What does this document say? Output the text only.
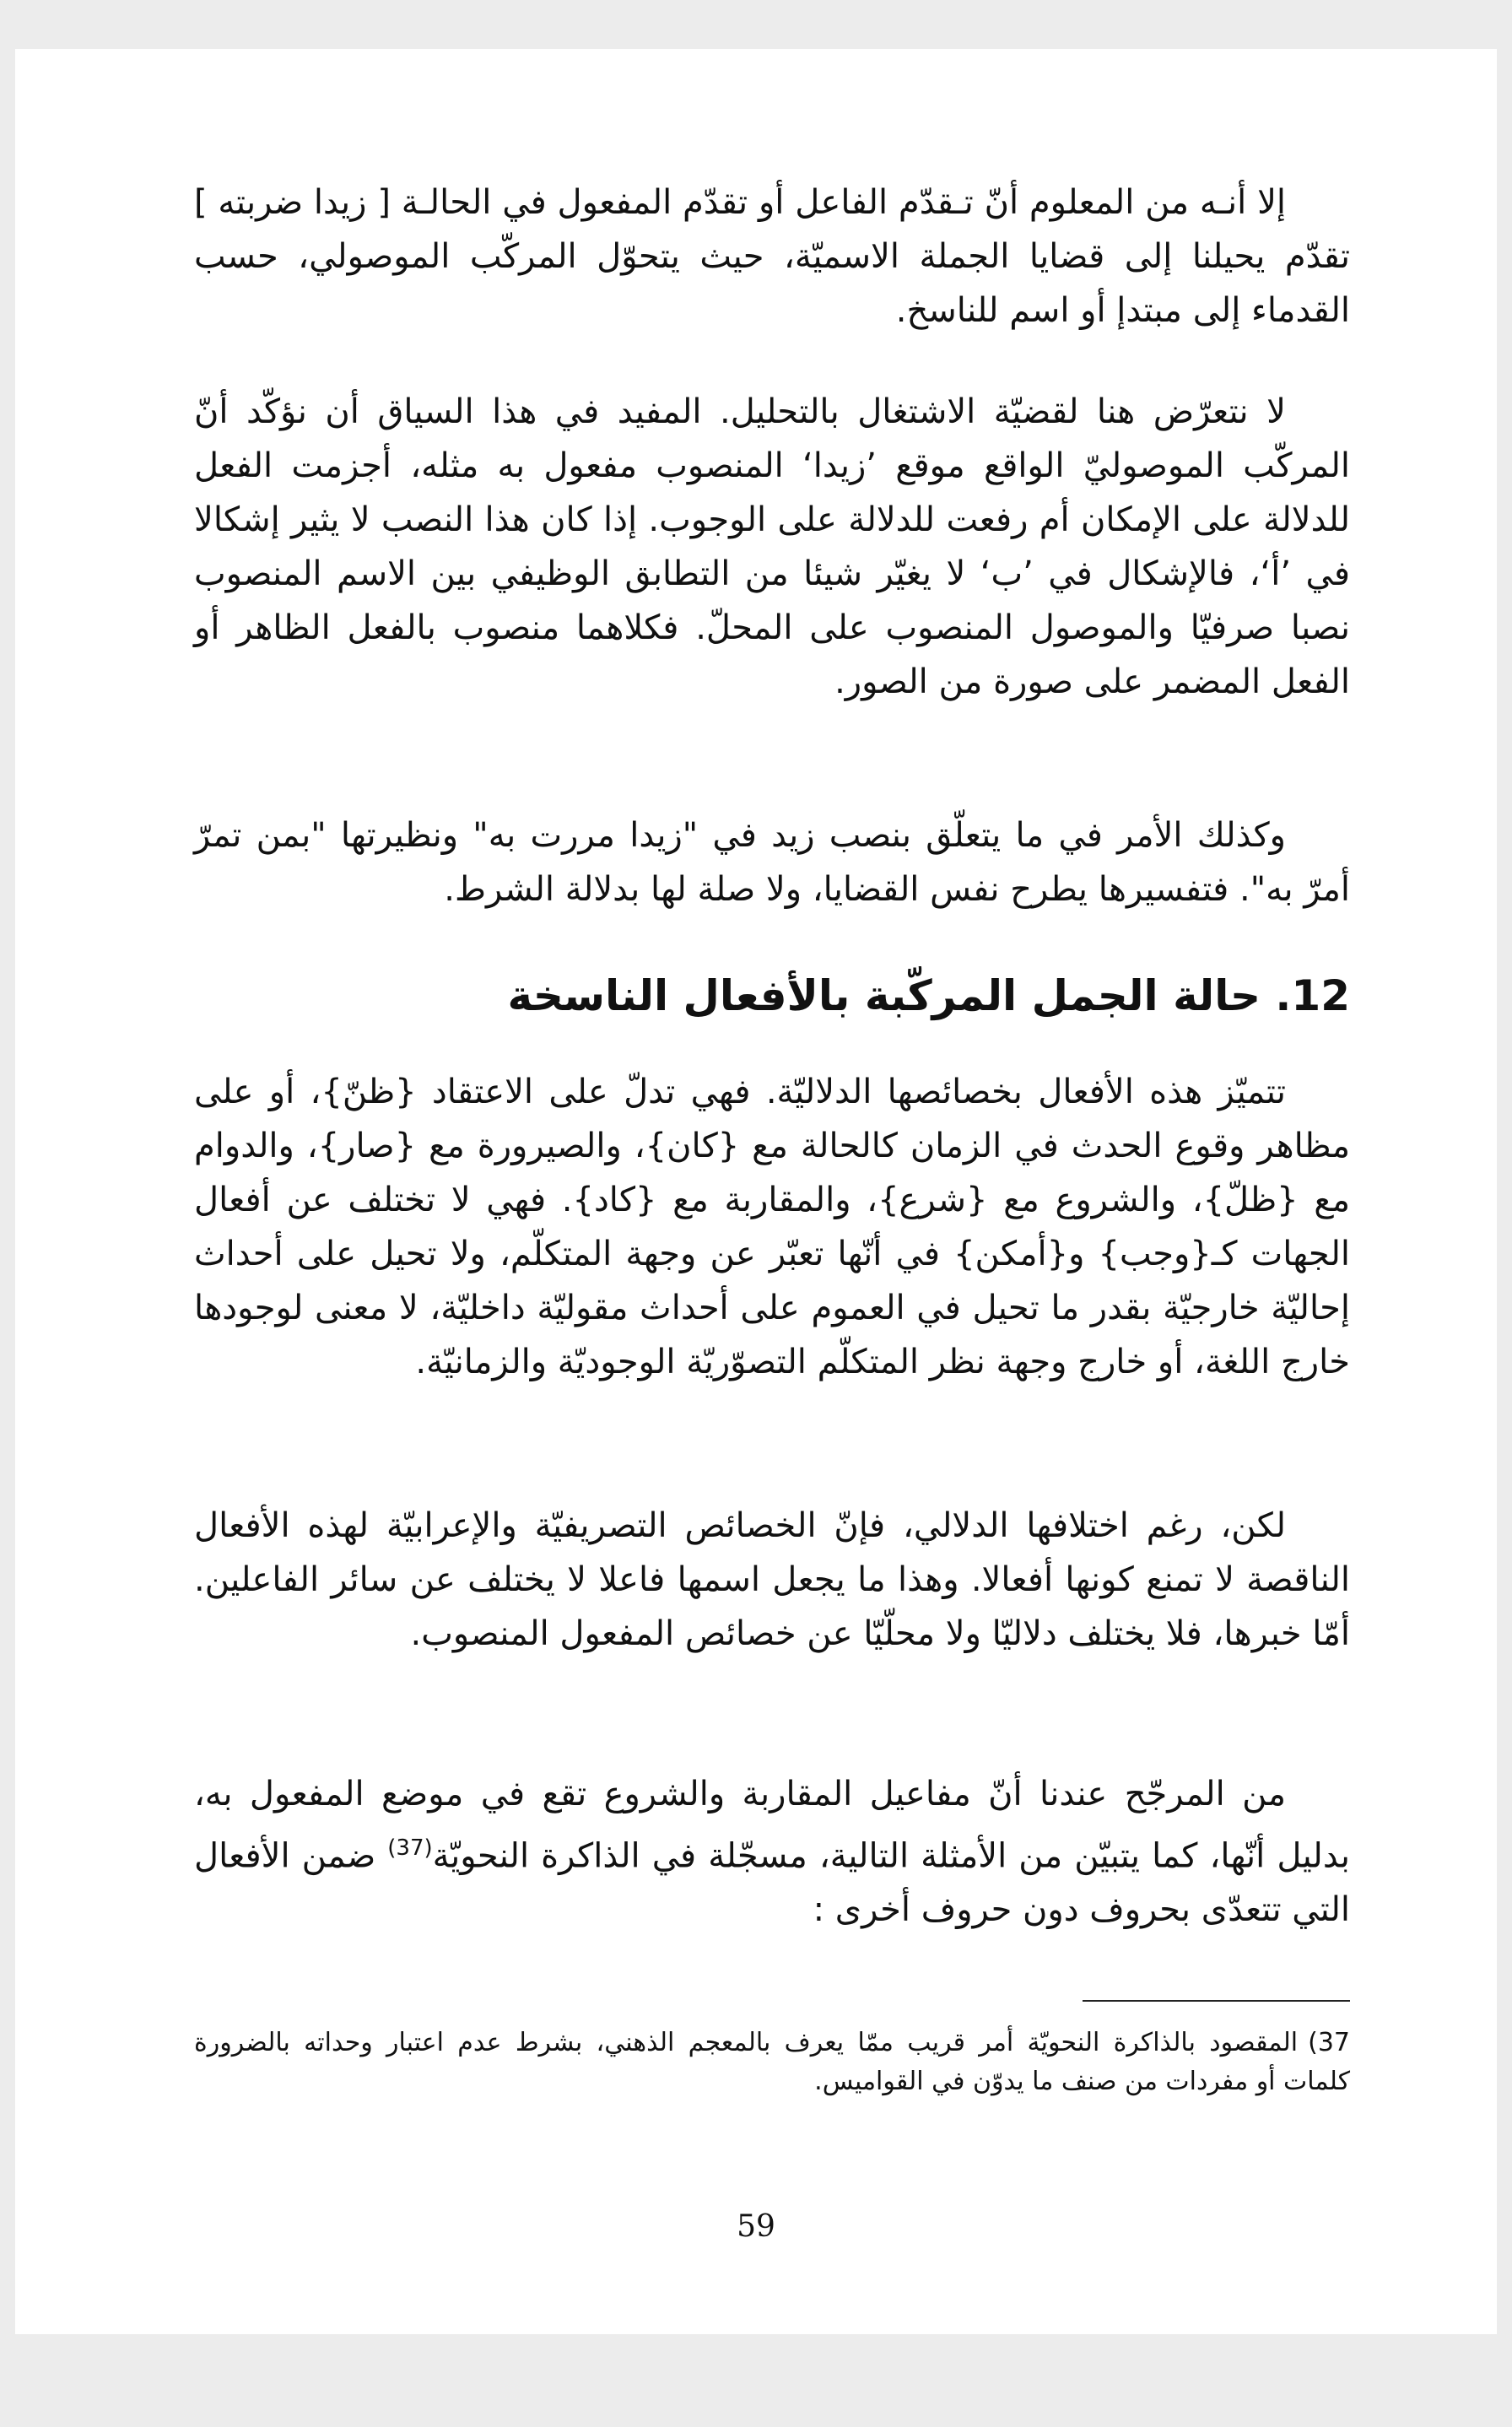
إلا أنـه من المعلوم أنّ تـقدّم الفاعل أو تقدّم المفعول في الحالـة [ زيدا ضربته ] تقدّم يحيلنا إلى قضايا الجملة الاسميّة، حيث يتحوّل المركّب الموصولي، حسب القدماء إلى مبتدإ أو اسم للناسخ.

لا نتعرّض هنا لقضيّة الاشتغال بالتحليل. المفيد في هذا السياق أن نؤكّد أنّ المركّب الموصوليّ الواقع موقع ’زيدا‘ المنصوب مفعول به مثله، أجزمت الفعل للدلالة على الإمكان أم رفعت للدلالة على الوجوب. إذا كان هذا النصب لا يثير إشكالا في ’أ‘، فالإشكال في ’ب‘ لا يغيّر شيئا من التطابق الوظيفي بين الاسم المنصوب نصبا صرفيّا والموصول المنصوب على المحلّ. فكلاهما منصوب بالفعل الظاهر أو الفعل المضمر على صورة من الصور.

وكذلك الأمر في ما يتعلّق بنصب زيد في "زيدا مررت به" ونظيرتها "بمن تمرّ أمرّ به". فتفسيرها يطرح نفس القضايا، ولا صلة لها بدلالة الشرط.

12. حالة الجمل المركّبة بالأفعال الناسخة

تتميّز هذه الأفعال بخصائصها الدلاليّة. فهي تدلّ على الاعتقاد {ظنّ}، أو على مظاهر وقوع الحدث في الزمان كالحالة مع {كان}، والصيرورة مع {صار}، والدوام مع {ظلّ}، والشروع مع {شرع}، والمقاربة مع {كاد}. فهي لا تختلف عن أفعال الجهات كـ{وجب} و{أمكن} في أنّها تعبّر عن وجهة المتكلّم، ولا تحيل على أحداث إحاليّة خارجيّة بقدر ما تحيل في العموم على أحداث مقوليّة داخليّة، لا معنى لوجودها خارج اللغة، أو خارج وجهة نظر المتكلّم التصوّريّة الوجوديّة والزمانيّة.

لكن، رغم اختلافها الدلالي، فإنّ الخصائص التصريفيّة والإعرابيّة لهذه الأفعال الناقصة لا تمنع كونها أفعالا. وهذا ما يجعل اسمها فاعلا لا يختلف عن سائر الفاعلين. أمّا خبرها، فلا يختلف دلاليّا ولا محلّيّا عن خصائص المفعول المنصوب.

من المرجّح عندنا أنّ مفاعيل المقاربة والشروع تقع في موضع المفعول به، بدليل أنّها، كما يتبيّن من الأمثلة التالية، مسجّلة في الذاكرة النحويّة$^{(37)}$ ضمن الأفعال التي تتعدّى بحروف دون حروف أخرى :

37)المقصود بالذاكرة النحويّة أمر قريب ممّا يعرف بالمعجم الذهني، بشرط عدم اعتبار وحداته بالضرورة كلمات أو مفردات من صنف ما يدوّن في القواميس.

59
